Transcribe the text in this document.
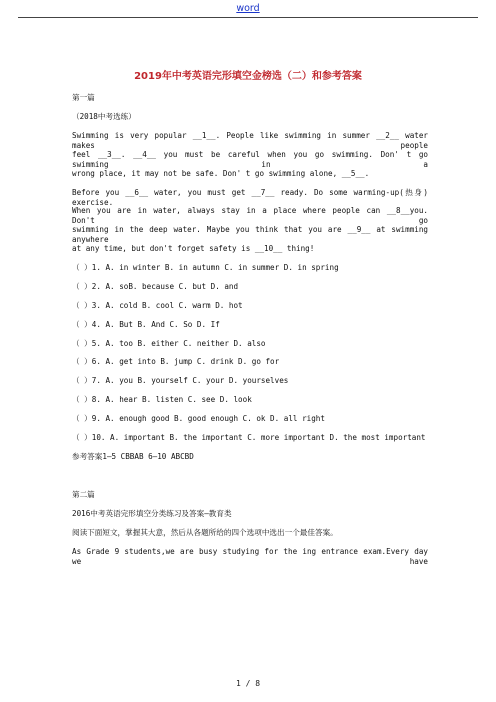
word
2019年中考英语完形填空金榜选（二）和参考答案
第一篇
（2018中考选练）
Swimming is very popular __1__. People like swimming in summer __2__ water makes people
feel __3__. __4__ you must be careful when you go swimming. Don' t go swimming in a
wrong place, it may not be safe. Don' t go swimming alone, __5__.
Before you __6__ water, you must get __7__ ready. Do some warming-up(热身) exercise.
When you are in water, always stay in a place where people can __8__you. Don't go
swimming in the deep water. Maybe you think that you are __9__ at swimming anywhere
at any time, but don't forget safety is __10__ thing!
（ ）1. A. in winter B. in autumn C. in summer D. in spring
（ ）2. A. soB. because C. but D. and
（ ）3. A. cold B. cool C. warm D. hot
（ ）4. A. But B. And C. So D. If
（ ）5. A. too B. either C. neither D. also
（ ）6. A. get into B. jump C. drink D. go for
（ ）7. A. you B. yourself C. your D. yourselves
（ ）8. A. hear B. listen C. see D. look
（ ）9. A. enough good B. good enough C. ok D. all right
（ ）10. A. important B. the important C. more important D. the most important
参考答案1—5 CBBAB 6—10 ABCBD
第二篇
2016中考英语完形填空分类练习及答案—教育类
阅读下面短文，掌握其大意，然后从各题所给的四个选项中选出一个最佳答案。
As Grade 9 students,we are busy studying for the ing entrance exam.Every day we have
1 / 8
